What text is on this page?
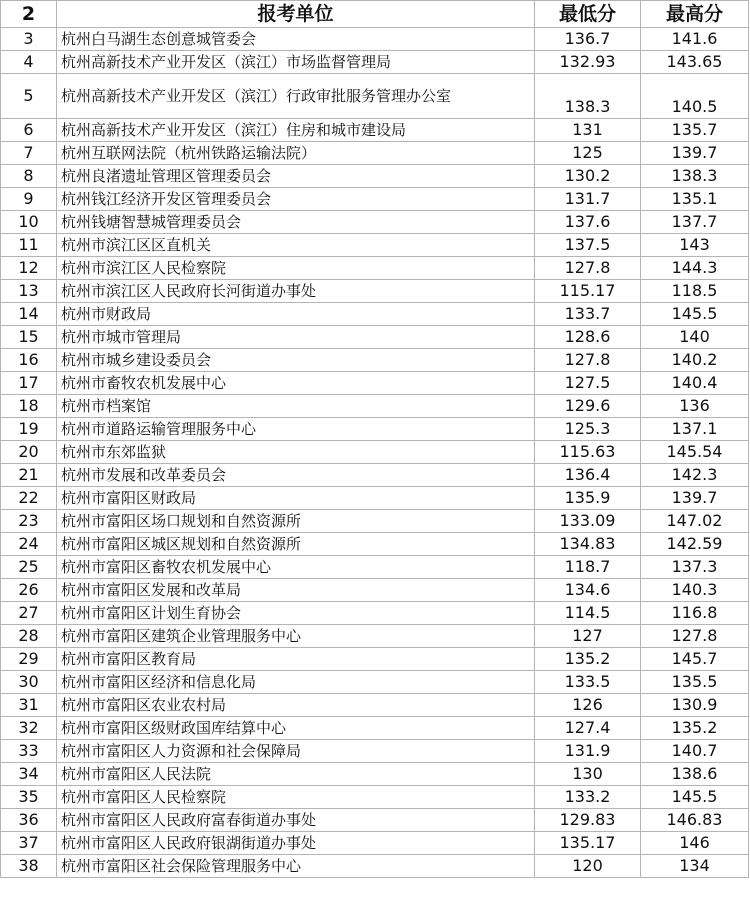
2	报考单位	最低分	最高分
3	杭州白马湖生态创意城管委会	136.7	141.6
4	杭州高新技术产业开发区（滨江）市场监督管理局	132.93	143.65
5	杭州高新技术产业开发区（滨江）行政审批服务管理办公室	138.3	140.5
6	杭州高新技术产业开发区（滨江）住房和城市建设局	131	135.7
7	杭州互联网法院（杭州铁路运输法院）	125	139.7
8	杭州良渚遗址管理区管理委员会	130.2	138.3
9	杭州钱江经济开发区管理委员会	131.7	135.1
10	杭州钱塘智慧城管理委员会	137.6	137.7
11	杭州市滨江区区直机关	137.5	143
12	杭州市滨江区人民检察院	127.8	144.3
13	杭州市滨江区人民政府长河街道办事处	115.17	118.5
14	杭州市财政局	133.7	145.5
15	杭州市城市管理局	128.6	140
16	杭州市城乡建设委员会	127.8	140.2
17	杭州市畜牧农机发展中心	127.5	140.4
18	杭州市档案馆	129.6	136
19	杭州市道路运输管理服务中心	125.3	137.1
20	杭州市东郊监狱	115.63	145.54
21	杭州市发展和改革委员会	136.4	142.3
22	杭州市富阳区财政局	135.9	139.7
23	杭州市富阳区场口规划和自然资源所	133.09	147.02
24	杭州市富阳区城区规划和自然资源所	134.83	142.59
25	杭州市富阳区畜牧农机发展中心	118.7	137.3
26	杭州市富阳区发展和改革局	134.6	140.3
27	杭州市富阳区计划生育协会	114.5	116.8
28	杭州市富阳区建筑企业管理服务中心	127	127.8
29	杭州市富阳区教育局	135.2	145.7
30	杭州市富阳区经济和信息化局	133.5	135.5
31	杭州市富阳区农业农村局	126	130.9
32	杭州市富阳区级财政国库结算中心	127.4	135.2
33	杭州市富阳区人力资源和社会保障局	131.9	140.7
34	杭州市富阳区人民法院	130	138.6
35	杭州市富阳区人民检察院	133.2	145.5
36	杭州市富阳区人民政府富春街道办事处	129.83	146.83
37	杭州市富阳区人民政府银湖街道办事处	135.17	146
38	杭州市富阳区社会保险管理服务中心	120	134
